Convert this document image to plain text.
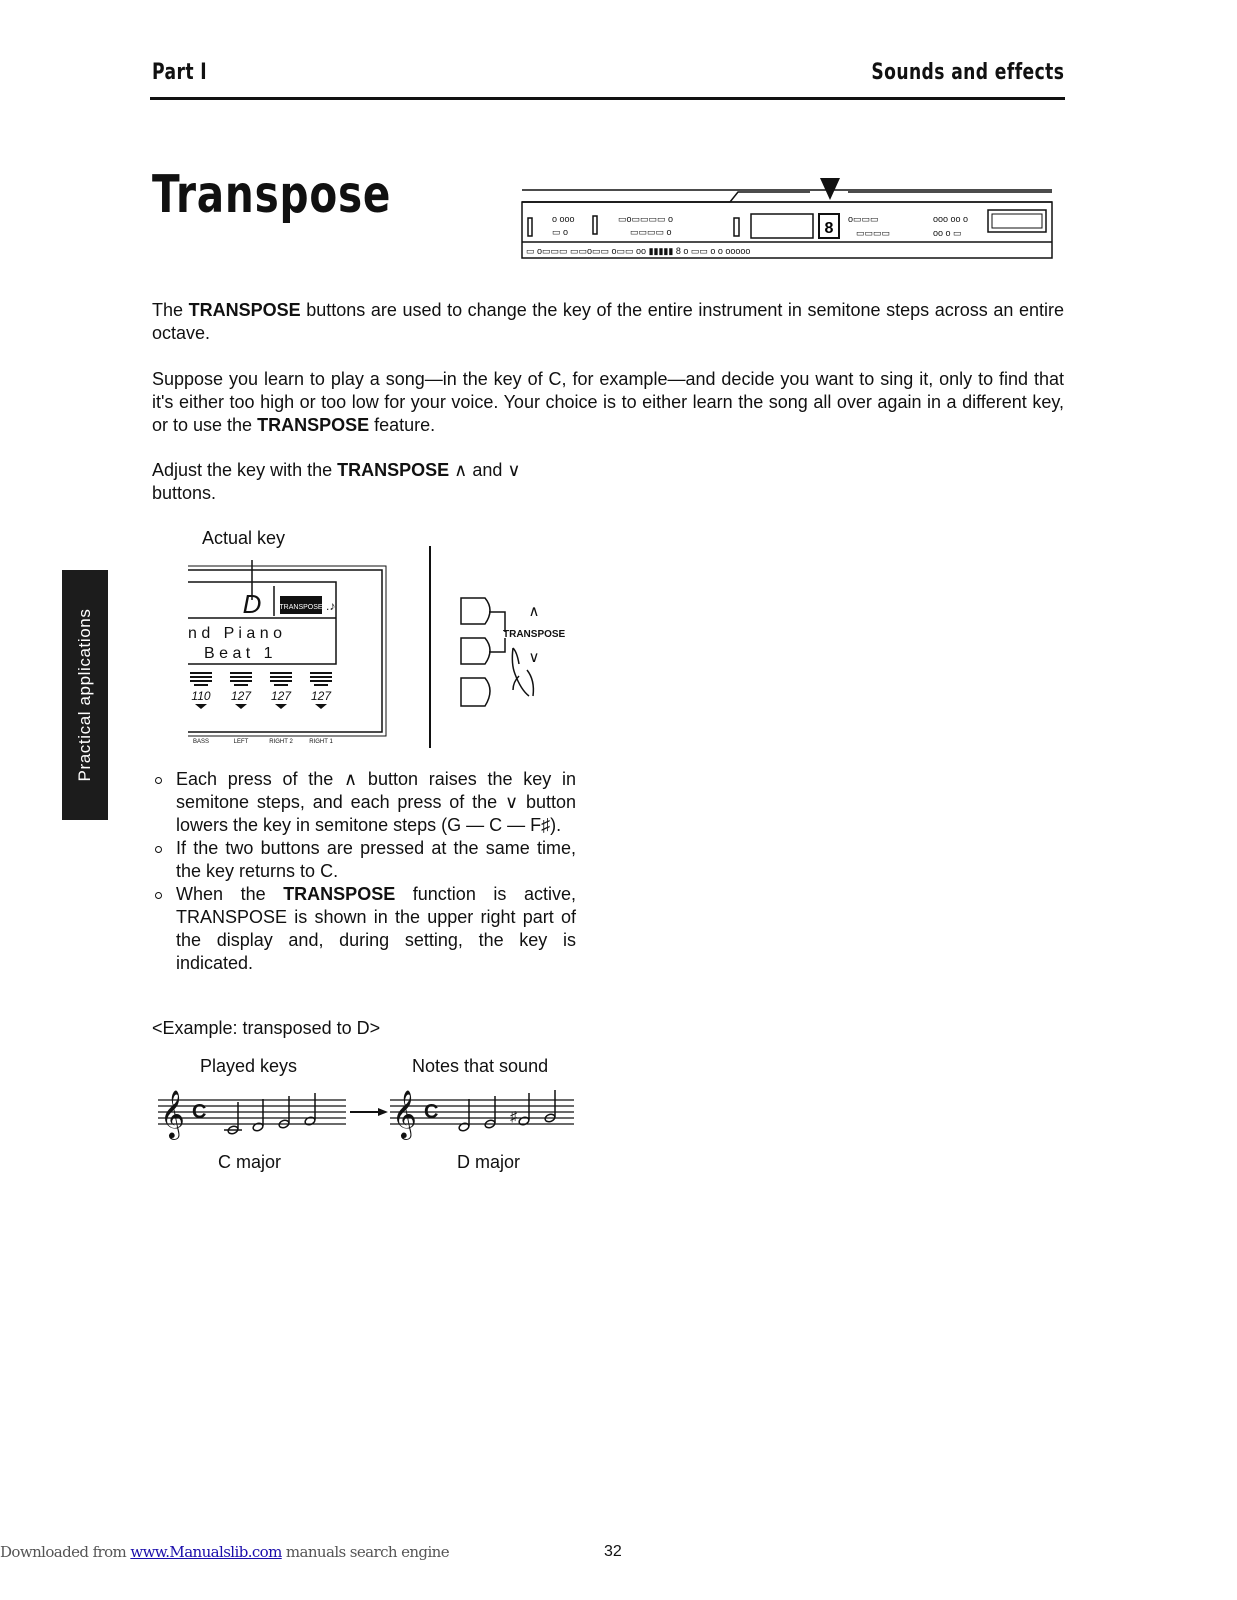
Part I	Sounds and effects
Transpose
8
o ooo
▭ o
▭o▭▭▭▭ o
▭▭▭▭ o
o▭▭▭
▭▭▭▭
ooo oo o
oo o ▭
▭ o▭▭▭ ▭▭o▭▭ o▭▭ oo ▮▮▮▮▮ 8 o ▭▭ o o ooooo
The TRANSPOSE buttons are used to change the key of the entire instrument in semitone steps across an entire octave.
Suppose you learn to play a song—in the key of C, for example—and decide you want to sing it, only to find that it's either too high or too low for your voice. Your choice is to either learn the song all over again in a different key, or to use the TRANSPOSE feature.
Adjust the key with the TRANSPOSE ∧ and ∨ buttons.
Actual key
TRANSPOSE .♪
D
n d   P i a n o
B e a t   1
110 127 127 127
BASS	LEFT	RIGHT 2	RIGHT 1
∧
TRANSPOSE
∨
Each press of the ∧ button raises the key in semitone steps, and each press of the ∨ button lowers the key in semitone steps (G — C — F♯).
If the two buttons are pressed at the same time, the key returns to C.
When the TRANSPOSE function is active, TRANSPOSE is shown in the upper right part of the display and, during setting, the key is indicated.
<Example: transposed to D>
Played keys	Notes that sound
𝄞	𝄞
C	C	♯
C major	D major
Practical applications
Downloaded from www.Manualslib.com manuals search engine	32
